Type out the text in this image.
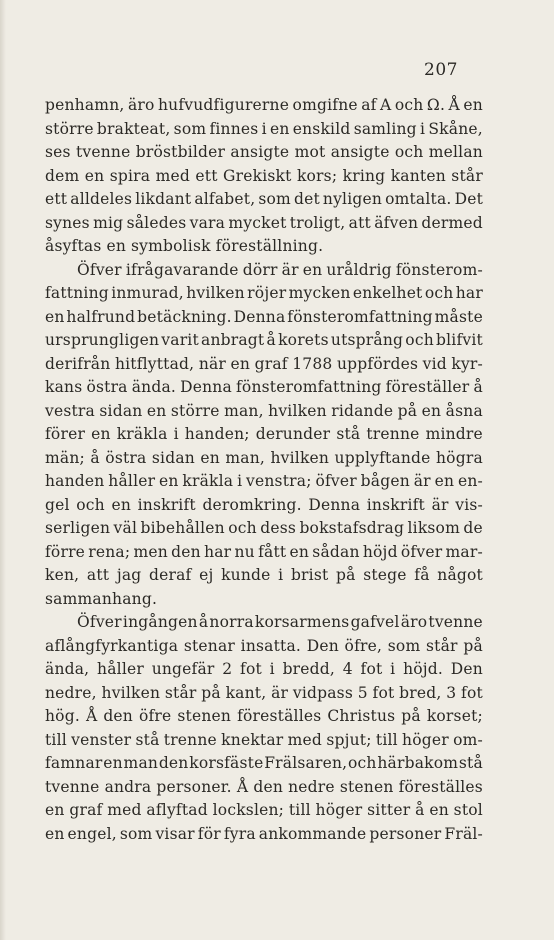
207
penhamn, äro hufvudfigurerne omgifne af A och Ω. Å en
större brakteat, som finnes i en enskild samling i Skåne,
ses tvenne bröstbilder ansigte mot ansigte och mellan
dem en spira med ett Grekiskt kors; kring kanten står
ett alldeles likdant alfabet, som det nyligen omtalta. Det
synes mig således vara mycket troligt, att äfven dermed
åsyftas en symbolisk föreställning.
Öfver ifrågavarande dörr är en uråldrig fönsterom-
fattning inmurad, hvilken röjer mycken enkelhet och har
en halfrund betäckning. Denna fönsteromfattning måste
ursprungligen varit anbragt å korets utsprång och blifvit
derifrån hitflyttad, när en graf 1788 uppfördes vid kyr-
kans östra ända. Denna fönsteromfattning föreställer å
vestra sidan en större man, hvilken ridande på en åsna
förer en kräkla i handen; derunder stå trenne mindre
män; å östra sidan en man, hvilken upplyftande högra
handen håller en kräkla i venstra; öfver bågen är en en-
gel och en inskrift deromkring. Denna inskrift är vis-
serligen väl bibehållen och dess bokstafsdrag liksom de
förre rena; men den har nu fått en sådan höjd öfver mar-
ken, att jag deraf ej kunde i brist på stege få något
sammanhang.
Öfver ingången å norra korsarmens gafvel äro tvenne
aflångfyrkantiga stenar insatta. Den öfre, som står på
ända, håller ungefär 2 fot i bredd, 4 fot i höjd. Den
nedre, hvilken står på kant, är vidpass 5 fot bred, 3 fot
hög. Å den öfre stenen föreställes Christus på korset;
till venster stå trenne knektar med spjut; till höger om-
famnar en man den korsfäste Frälsaren, och härbakom stå
tvenne andra personer. Å den nedre stenen föreställes
en graf med aflyftad lockslen; till höger sitter å en stol
en engel, som visar för fyra ankommande personer Fräl-
